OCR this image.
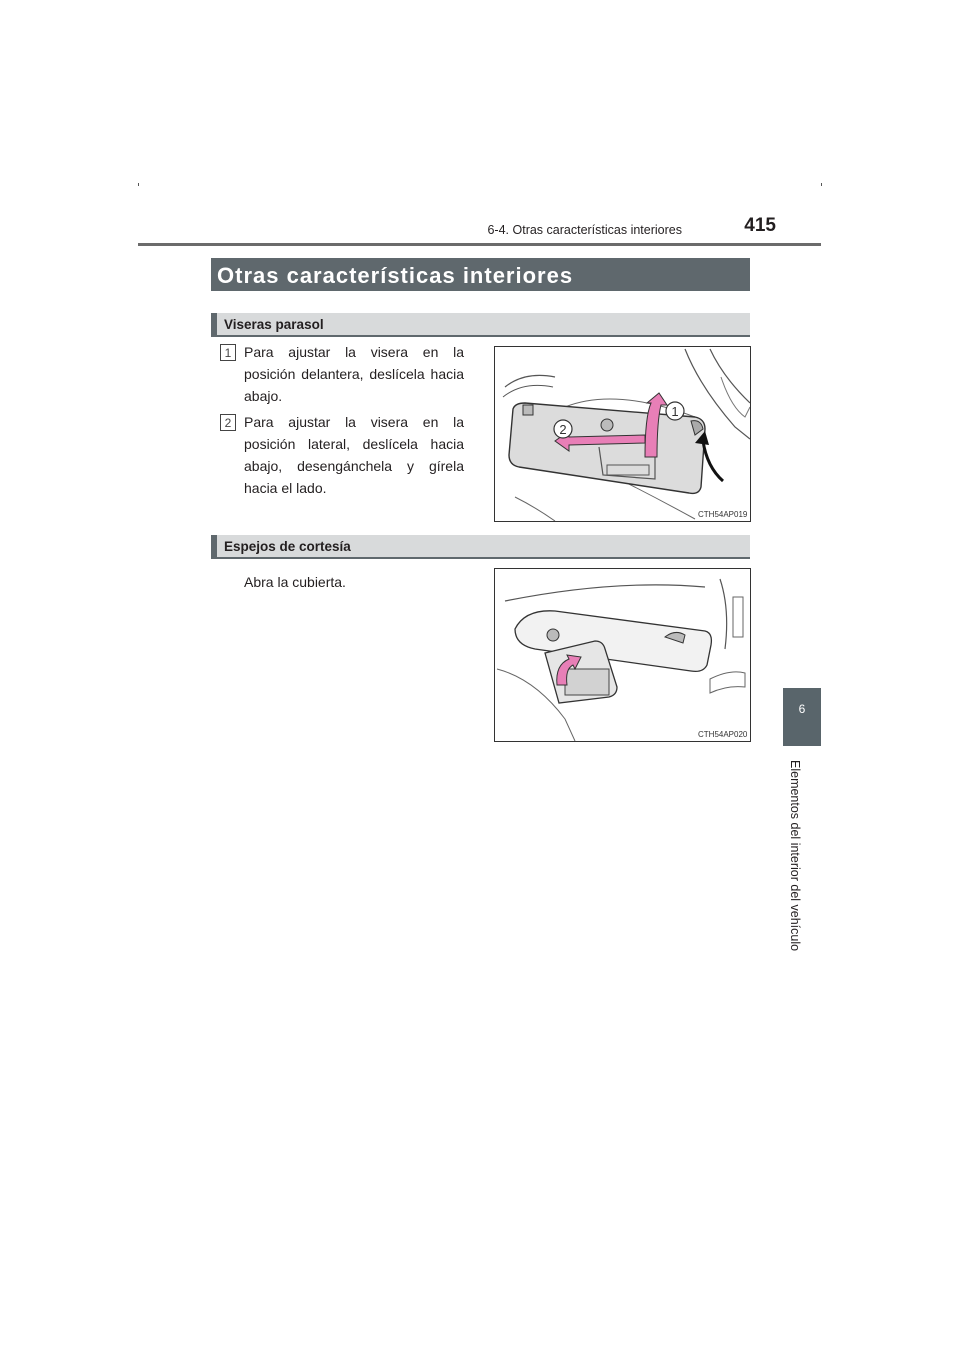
6-4. Otras características interiores	415
6
Elementos del interior del vehículo
Otras características interiores
Viseras parasol
1 Para ajustar la visera en la posición delantera, deslícela hacia abajo.
2 Para ajustar la visera en la posición lateral, deslícela hacia abajo, desengánchela y gírela hacia el lado.
1
2
CTH54AP019
Espejos de cortesía
Abra la cubierta.
CTH54AP020
